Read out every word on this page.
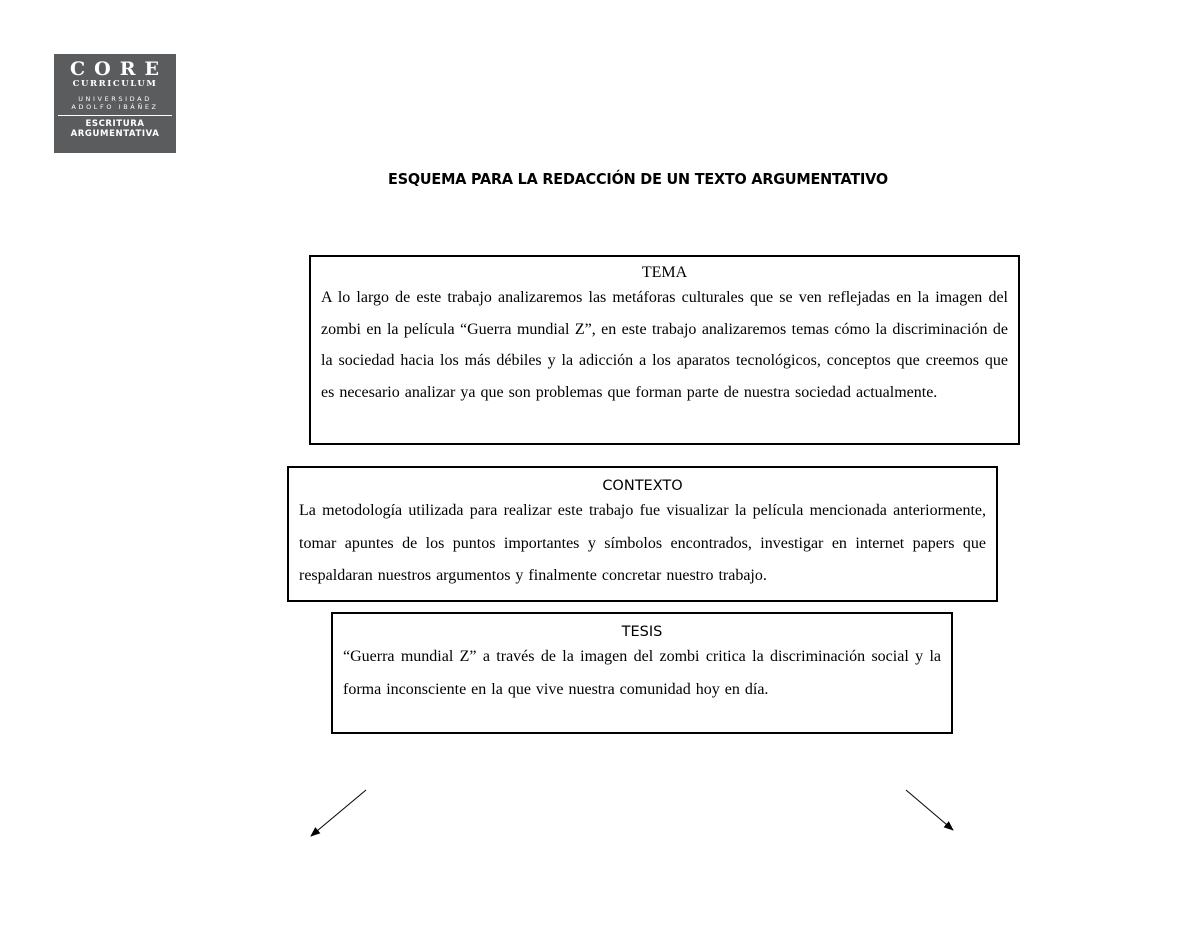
CORE
CURRICULUM
UNIVERSIDAD
ADOLFO IBÁÑEZ
ESCRITURA
ARGUMENTATIVA
ESQUEMA PARA LA REDACCIÓN DE UN TEXTO ARGUMENTATIVO
TEMA
A lo largo de este trabajo analizaremos las metáforas culturales que se ven reflejadas en la imagen del zombi en la película “Guerra mundial Z”, en este trabajo analizaremos temas cómo la discriminación de la sociedad hacia los más débiles y la adicción a los aparatos tecnológicos, conceptos que creemos que es necesario analizar ya que son problemas que forman parte de nuestra sociedad actualmente.
CONTEXTO
La metodología utilizada para realizar este trabajo fue visualizar la película mencionada anteriormente, tomar apuntes de los puntos importantes y símbolos encontrados, investigar en internet papers que respaldaran nuestros argumentos y finalmente concretar nuestro trabajo.
TESIS
“Guerra mundial Z” a través de la imagen del zombi critica la discriminación social y la forma inconsciente en la que vive nuestra comunidad hoy en día.
